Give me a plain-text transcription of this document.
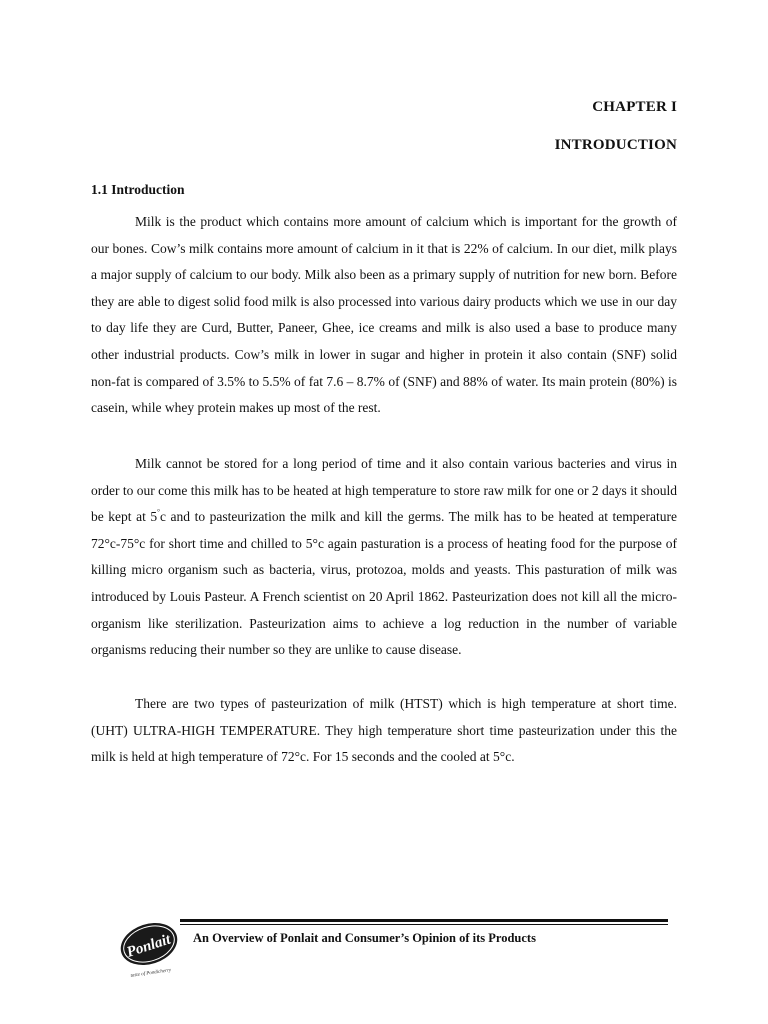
CHAPTER I
INTRODUCTION
1.1 Introduction

Milk is the product which contains more amount of calcium which is important for the growth of our bones. Cow’s milk contains more amount of calcium in it that is 22% of calcium. In our diet, milk plays a major supply of calcium to our body. Milk also been as a primary supply of nutrition for new born. Before they are able to digest solid food milk is also processed into various dairy products which we use in our day to day life they are Curd, Butter, Paneer, Ghee, ice creams and milk is also used a base to produce many other industrial products. Cow’s milk in lower in sugar and higher in protein it also contain (SNF) solid non-fat is compared of 3.5% to 5.5% of fat 7.6 – 8.7% of (SNF) and 88% of water. Its main protein (80%) is casein, while whey protein makes up most of the rest.

Milk cannot be stored for a long period of time and it also contain various bacteries and virus in order to our come this milk has to be heated at high temperature to store raw milk for one or 2 days it should be kept at 5°c and to pasteurization the milk and kill the germs. The milk has to be heated at temperature 72°c-75°c for short time and chilled to 5°c again pasturation is a process of heating food for the purpose of killing micro organism such as bacteria, virus, protozoa, molds and yeasts. This pasturation of milk was introduced by Louis Pasteur. A French scientist on 20 April 1862. Pasteurization does not kill all the micro-organism like sterilization. Pasteurization aims to achieve a log reduction in the number of variable organisms reducing their number so they are unlike to cause disease.

There are two types of pasteurization of milk (HTST) which is high temperature at short time. (UHT) ULTRA-HIGH TEMPERATURE. They high temperature short time pasteurization under this the milk is held at high temperature of 72°c. For 15 seconds and the cooled at 5°c.

Ponlait
taste of Pondicherry
An Overview of Ponlait and Consumer’s Opinion of its Products
